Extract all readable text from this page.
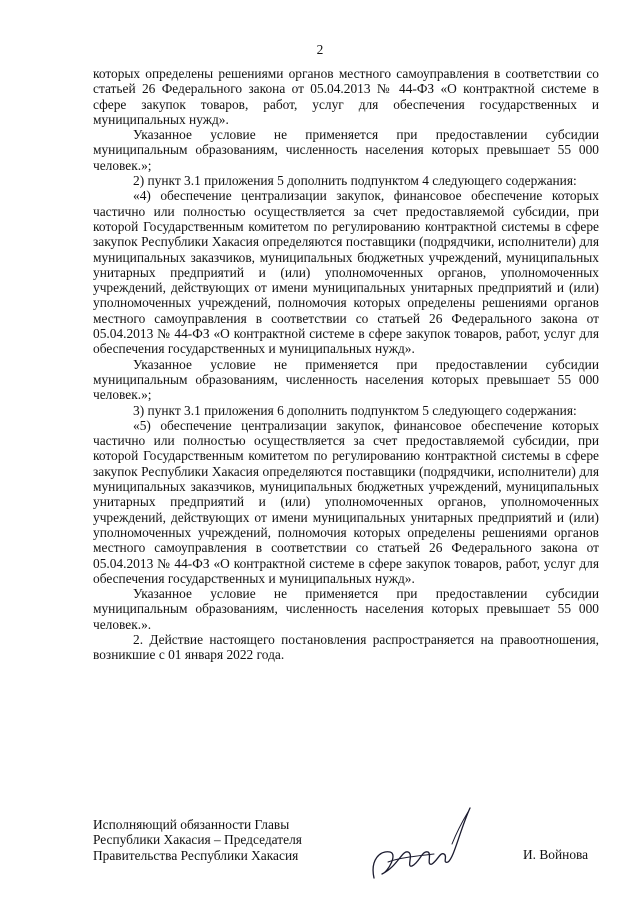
2

которых определены решениями органов местного самоуправления в соответствии со статьей 26 Федерального закона от 05.04.2013 № 44-ФЗ «О контрактной системе в сфере закупок товаров, работ, услуг для обеспечения государственных и муниципальных нужд».

Указанное условие не применяется при предоставлении субсидии муниципальным образованиям, численность населения которых превышает 55 000 человек.»;

2) пункт 3.1 приложения 5 дополнить подпунктом 4 следующего содержания:

«4) обеспечение централизации закупок, финансовое обеспечение которых частично или полностью осуществляется за счет предоставляемой субсидии, при которой Государственным комитетом по регулированию контрактной системы в сфере закупок Республики Хакасия определяются поставщики (подрядчики, исполнители) для муниципальных заказчиков, муниципальных бюджетных учреждений, муниципальных унитарных предприятий и (или) уполномоченных органов, уполномоченных учреждений, действующих от имени муниципальных унитарных предприятий и (или) уполномоченных учреждений, полномочия которых определены решениями органов местного самоуправления в соответствии со статьей 26 Федерального закона от 05.04.2013 № 44-ФЗ «О контрактной системе в сфере закупок товаров, работ, услуг для обеспечения государственных и муниципальных нужд».

Указанное условие не применяется при предоставлении субсидии муниципальным образованиям, численность населения которых превышает 55 000 человек.»;

3) пункт 3.1 приложения 6 дополнить подпунктом 5 следующего содержания:

«5) обеспечение централизации закупок, финансовое обеспечение которых частично или полностью осуществляется за счет предоставляемой субсидии, при которой Государственным комитетом по регулированию контрактной системы в сфере закупок Республики Хакасия определяются поставщики (подрядчики, исполнители) для муниципальных заказчиков, муниципальных бюджетных учреждений, муниципальных унитарных предприятий и (или) уполномоченных органов, уполномоченных учреждений, действующих от имени муниципальных унитарных предприятий и (или) уполномоченных учреждений, полномочия которых определены решениями органов местного самоуправления в соответствии со статьей 26 Федерального закона от 05.04.2013 № 44-ФЗ «О контрактной системе в сфере закупок товаров, работ, услуг для обеспечения государственных и муниципальных нужд».

Указанное условие не применяется при предоставлении субсидии муниципальным образованиям, численность населения которых превышает 55 000 человек.».

2. Действие настоящего постановления распространяется на правоотношения, возникшие с 01 января 2022 года.

Исполняющий обязанности Главы
Республики Хакасия – Председателя
Правительства Республики Хакасия	И. Войнова
